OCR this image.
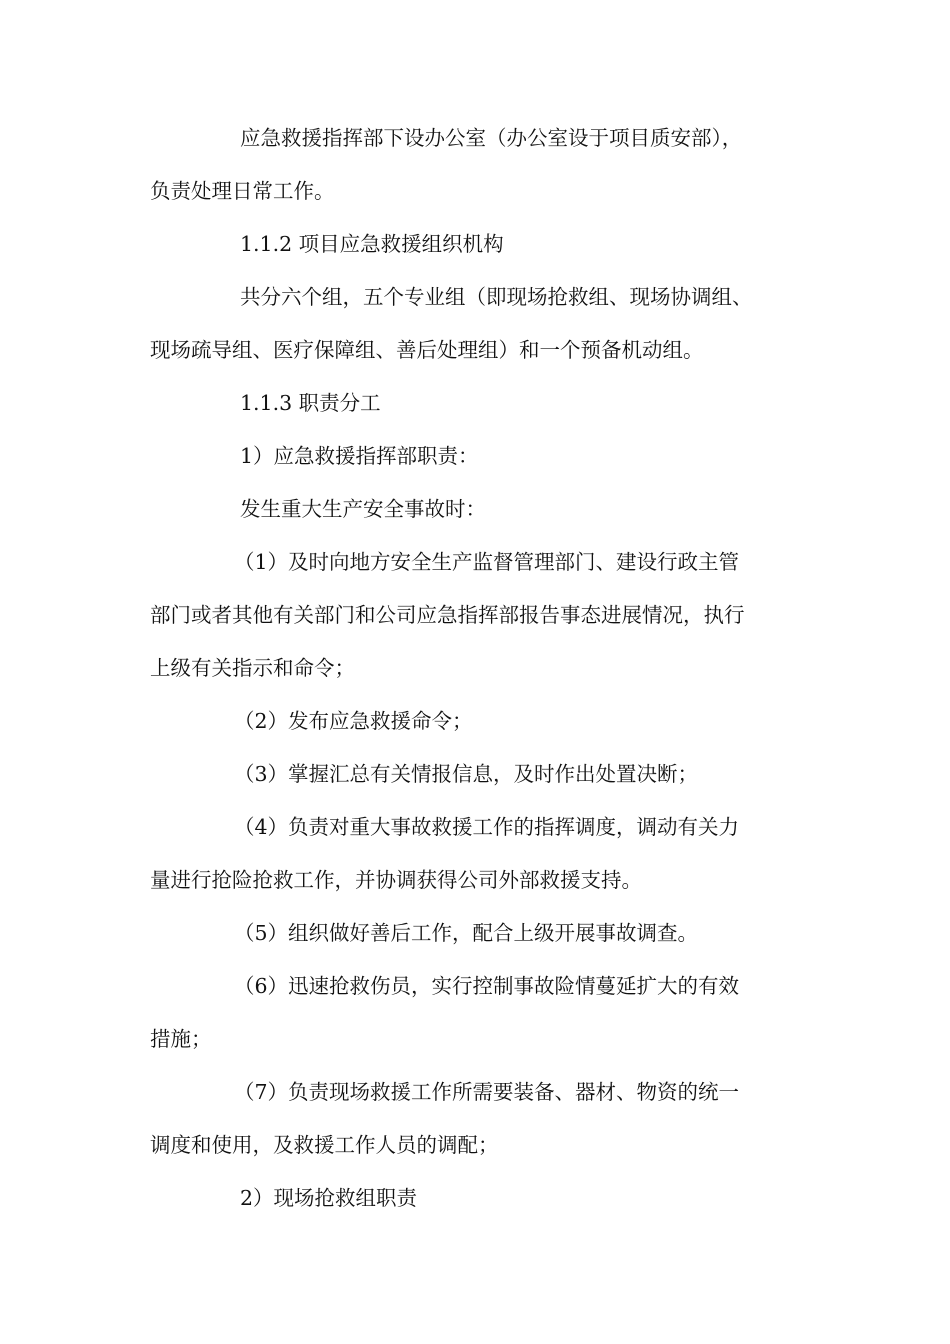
应急救援指挥部下设办公室（办公室设于项目质安部），
负责处理日常工作。
1.1.2 项目应急救援组织机构
共分六个组，五个专业组（即现场抢救组、现场协调组、
现场疏导组、医疗保障组、善后处理组）和一个预备机动组。
1.1.3 职责分工
1）应急救援指挥部职责：
发生重大生产安全事故时：
（1）及时向地方安全生产监督管理部门、建设行政主管
部门或者其他有关部门和公司应急指挥部报告事态进展情况，执行
上级有关指示和命令；
（2）发布应急救援命令；
（3）掌握汇总有关情报信息，及时作出处置决断；
（4）负责对重大事故救援工作的指挥调度，调动有关力
量进行抢险抢救工作，并协调获得公司外部救援支持。
（5）组织做好善后工作，配合上级开展事故调查。
（6）迅速抢救伤员，实行控制事故险情蔓延扩大的有效
措施；
（7）负责现场救援工作所需要装备、器材、物资的统一
调度和使用，及救援工作人员的调配；
2）现场抢救组职责
